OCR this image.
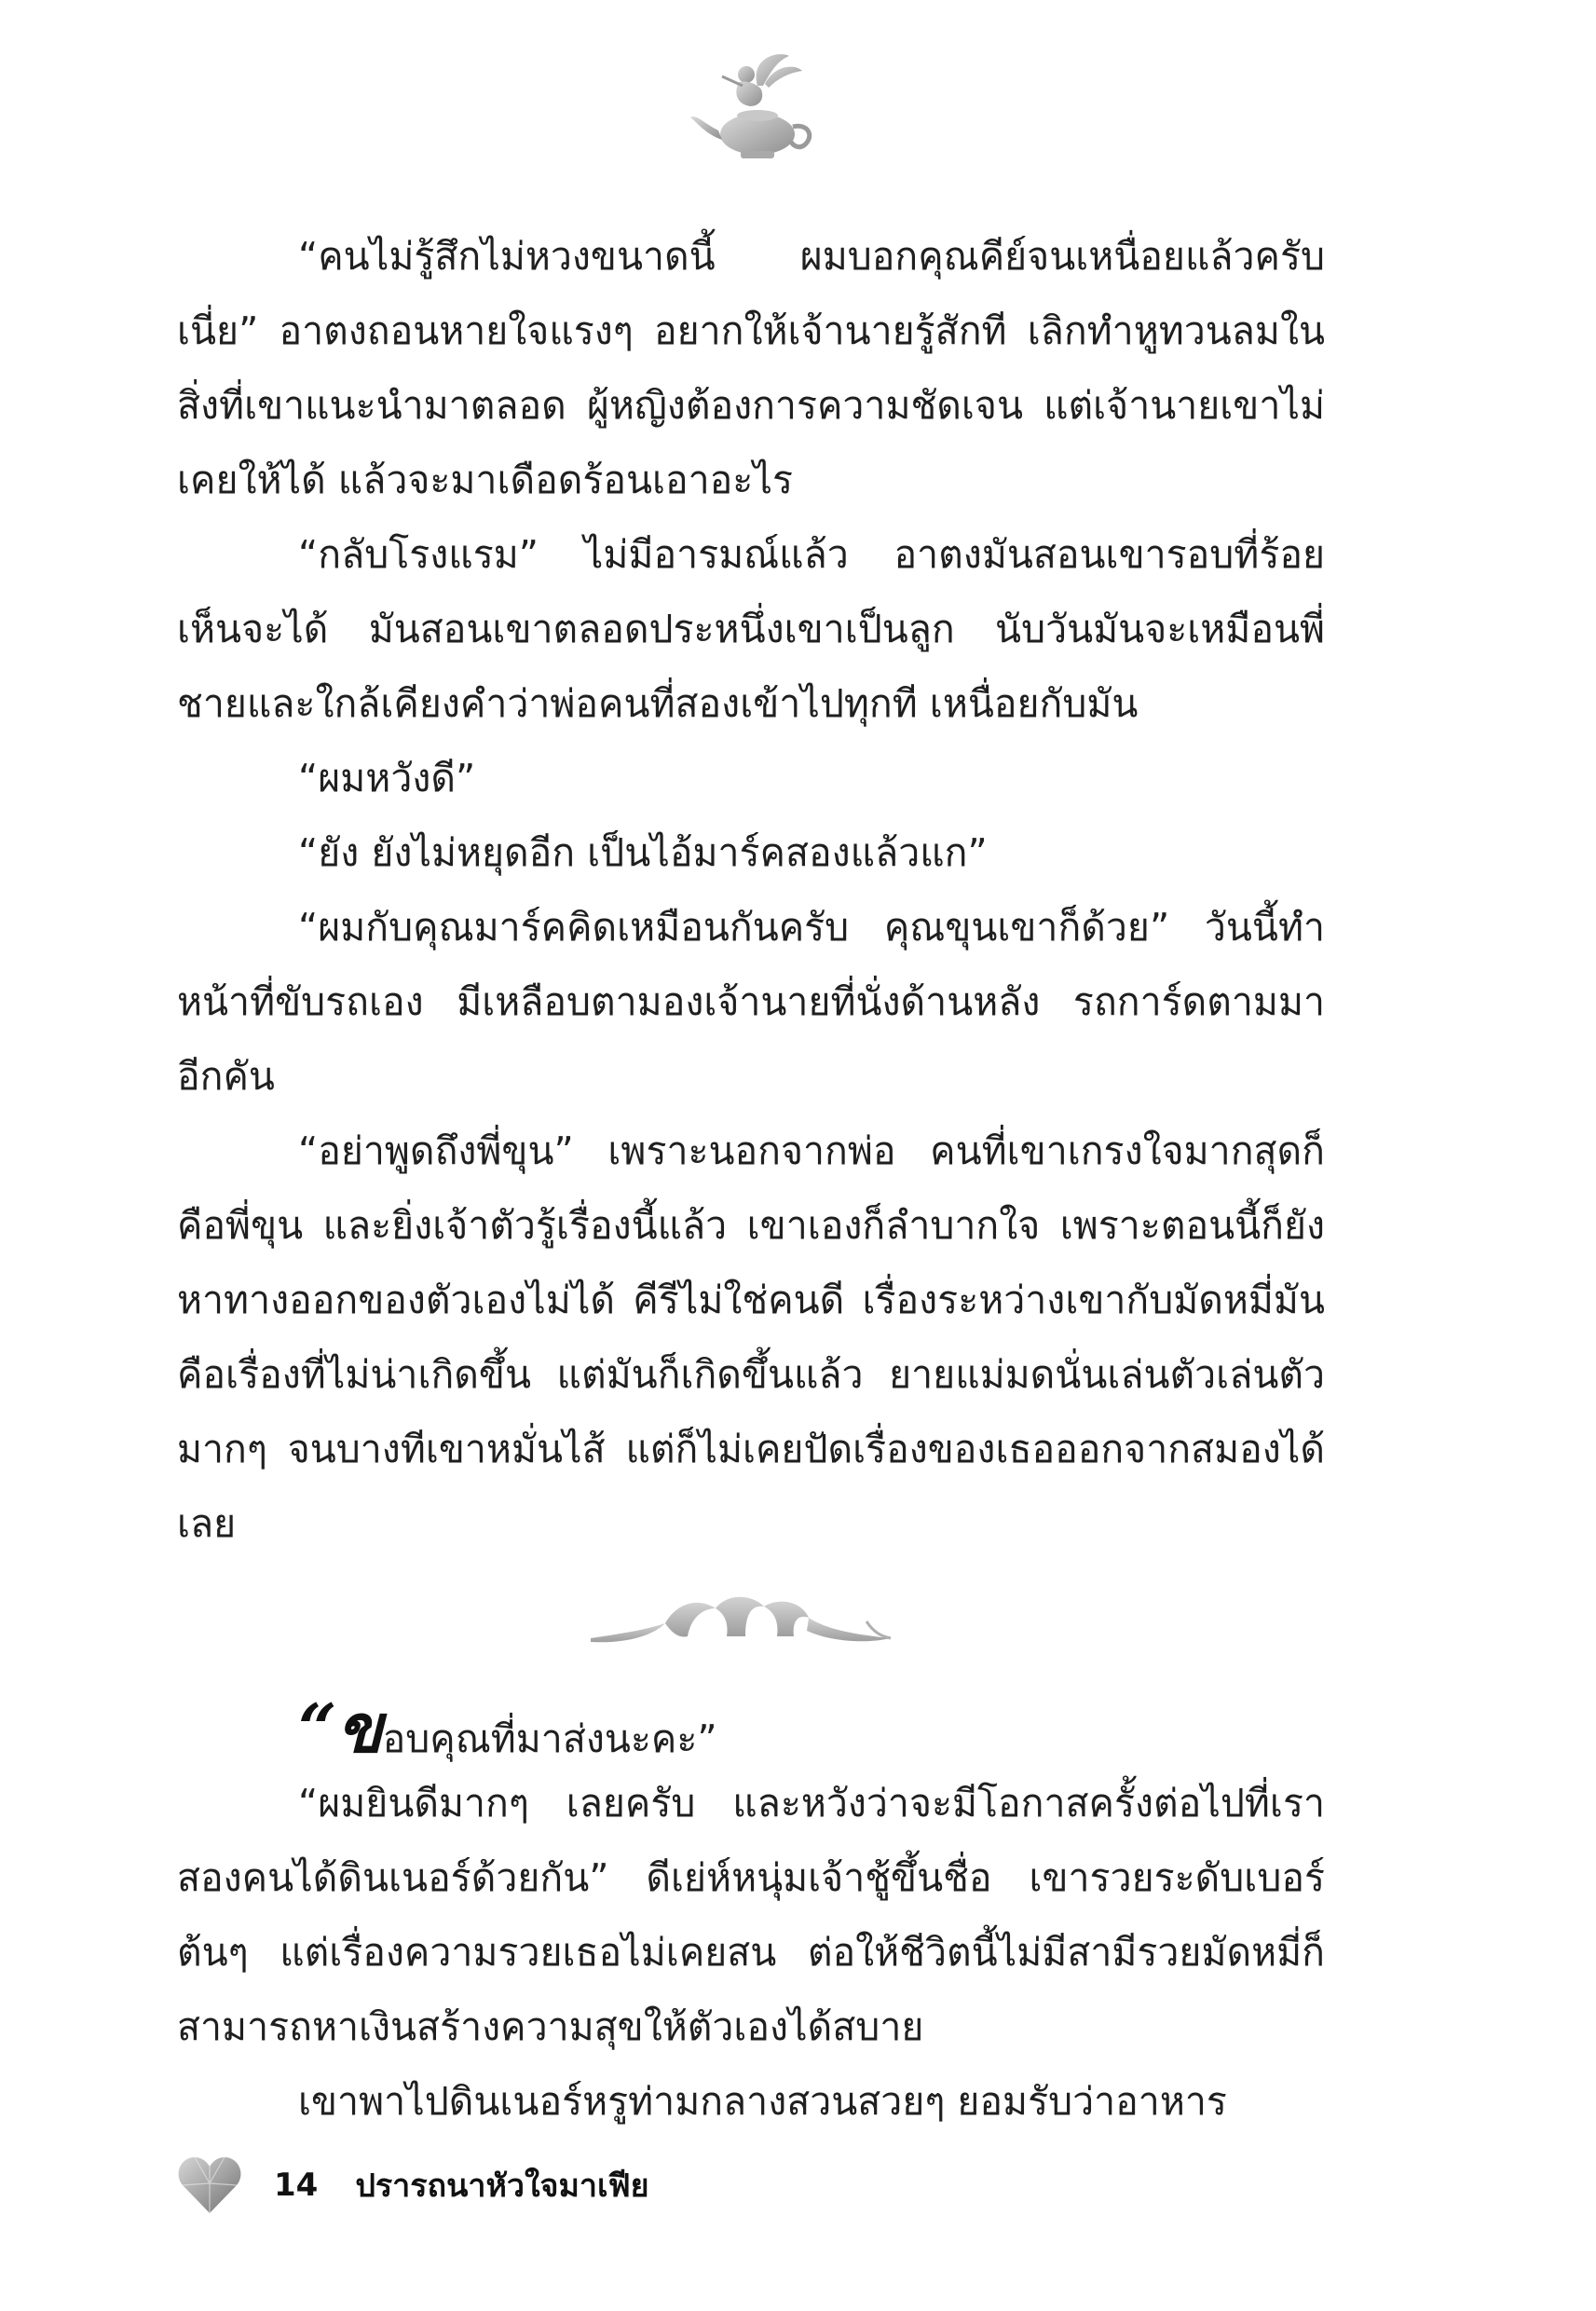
“คนไม่รู้สึกไม่หวงขนาดนี้ ผมบอกคุณคีย์จนเหนื่อยแล้วครับเนี่ย” อาตงถอนหายใจแรงๆ อยากให้เจ้านายรู้สักที เลิกทำหูทวนลมในสิ่งที่เขาแนะนำมาตลอด ผู้หญิงต้องการความชัดเจน แต่เจ้านายเขาไม่เคยให้ได้ แล้วจะมาเดือดร้อนเอาอะไร

“กลับโรงแรม” ไม่มีอารมณ์แล้ว อาตงมันสอนเขารอบที่ร้อยเห็นจะได้ มันสอนเขาตลอดประหนึ่งเขาเป็นลูก นับวันมันจะเหมือนพี่ชายและใกล้เคียงคำว่าพ่อคนที่สองเข้าไปทุกที เหนื่อยกับมัน

“ผมหวังดี”

“ยัง ยังไม่หยุดอีก เป็นไอ้มาร์คสองแล้วแก”

“ผมกับคุณมาร์คคิดเหมือนกันครับ คุณขุนเขาก็ด้วย” วันนี้ทำหน้าที่ขับรถเอง มีเหลือบตามองเจ้านายที่นั่งด้านหลัง รถการ์ดตามมาอีกคัน

“อย่าพูดถึงพี่ขุน” เพราะนอกจากพ่อ คนที่เขาเกรงใจมากสุดก็คือพี่ขุน และยิ่งเจ้าตัวรู้เรื่องนี้แล้ว เขาเองก็ลำบากใจ เพราะตอนนี้ก็ยังหาทางออกของตัวเองไม่ได้ คีรีไม่ใช่คนดี เรื่องระหว่างเขากับมัดหมี่มันคือเรื่องที่ไม่น่าเกิดขึ้น แต่มันก็เกิดขึ้นแล้ว ยายแม่มดนั่นเล่นตัวเล่นตัวมากๆ จนบางทีเขาหมั่นไส้ แต่ก็ไม่เคยปัดเรื่องของเธอออกจากสมองได้เลย

“ข อบคุณที่มาส่งนะคะ”

“ผมยินดีมากๆ เลยครับ และหวังว่าจะมีโอกาสครั้งต่อไปที่เราสองคนได้ดินเนอร์ด้วยกัน” ดีเย่ห์หนุ่มเจ้าชู้ขึ้นชื่อ เขารวยระดับเบอร์ต้นๆ แต่เรื่องความรวยเธอไม่เคยสน ต่อให้ชีวิตนี้ไม่มีสามีรวยมัดหมี่ก็สามารถหาเงินสร้างความสุขให้ตัวเองได้สบาย

เขาพาไปดินเนอร์หรูท่ามกลางสวนสวยๆ ยอมรับว่าอาหาร

14 ปรารถนาหัวใจมาเฟีย
